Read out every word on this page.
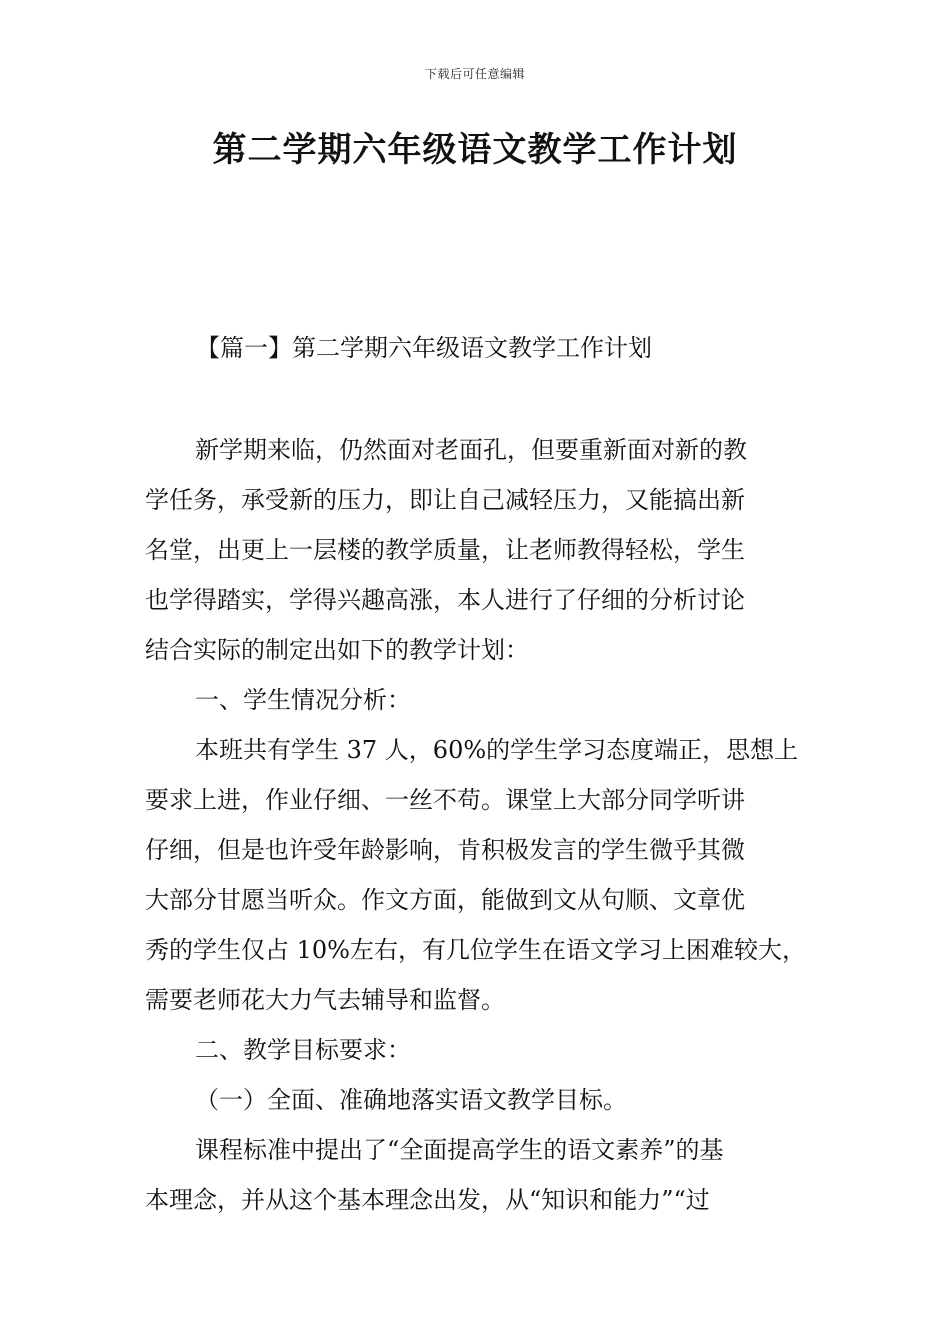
下载后可任意编辑
第二学期六年级语文教学工作计划
【篇一】第二学期六年级语文教学工作计划

新学期来临，仍然面对老面孔，但要重新面对新的教
学任务，承受新的压力，即让自己减轻压力，又能搞出新
名堂，出更上一层楼的教学质量，让老师教得轻松，学生
也学得踏实，学得兴趣高涨，本人进行了仔细的分析讨论
结合实际的制定出如下的教学计划：

一、学生情况分析：

本班共有学生 37 人，60%的学生学习态度端正，思想上
要求上进，作业仔细、一丝不苟。课堂上大部分同学听讲
仔细，但是也许受年龄影响，肯积极发言的学生微乎其微
大部分甘愿当听众。作文方面，能做到文从句顺、文章优
秀的学生仅占 10%左右，有几位学生在语文学习上困难较大，
需要老师花大力气去辅导和监督。

二、教学目标要求：

（一）全面、准确地落实语文教学目标。

课程标准中提出了“全面提高学生的语文素养”的基
本理念，并从这个基本理念出发，从“知识和能力”“过
